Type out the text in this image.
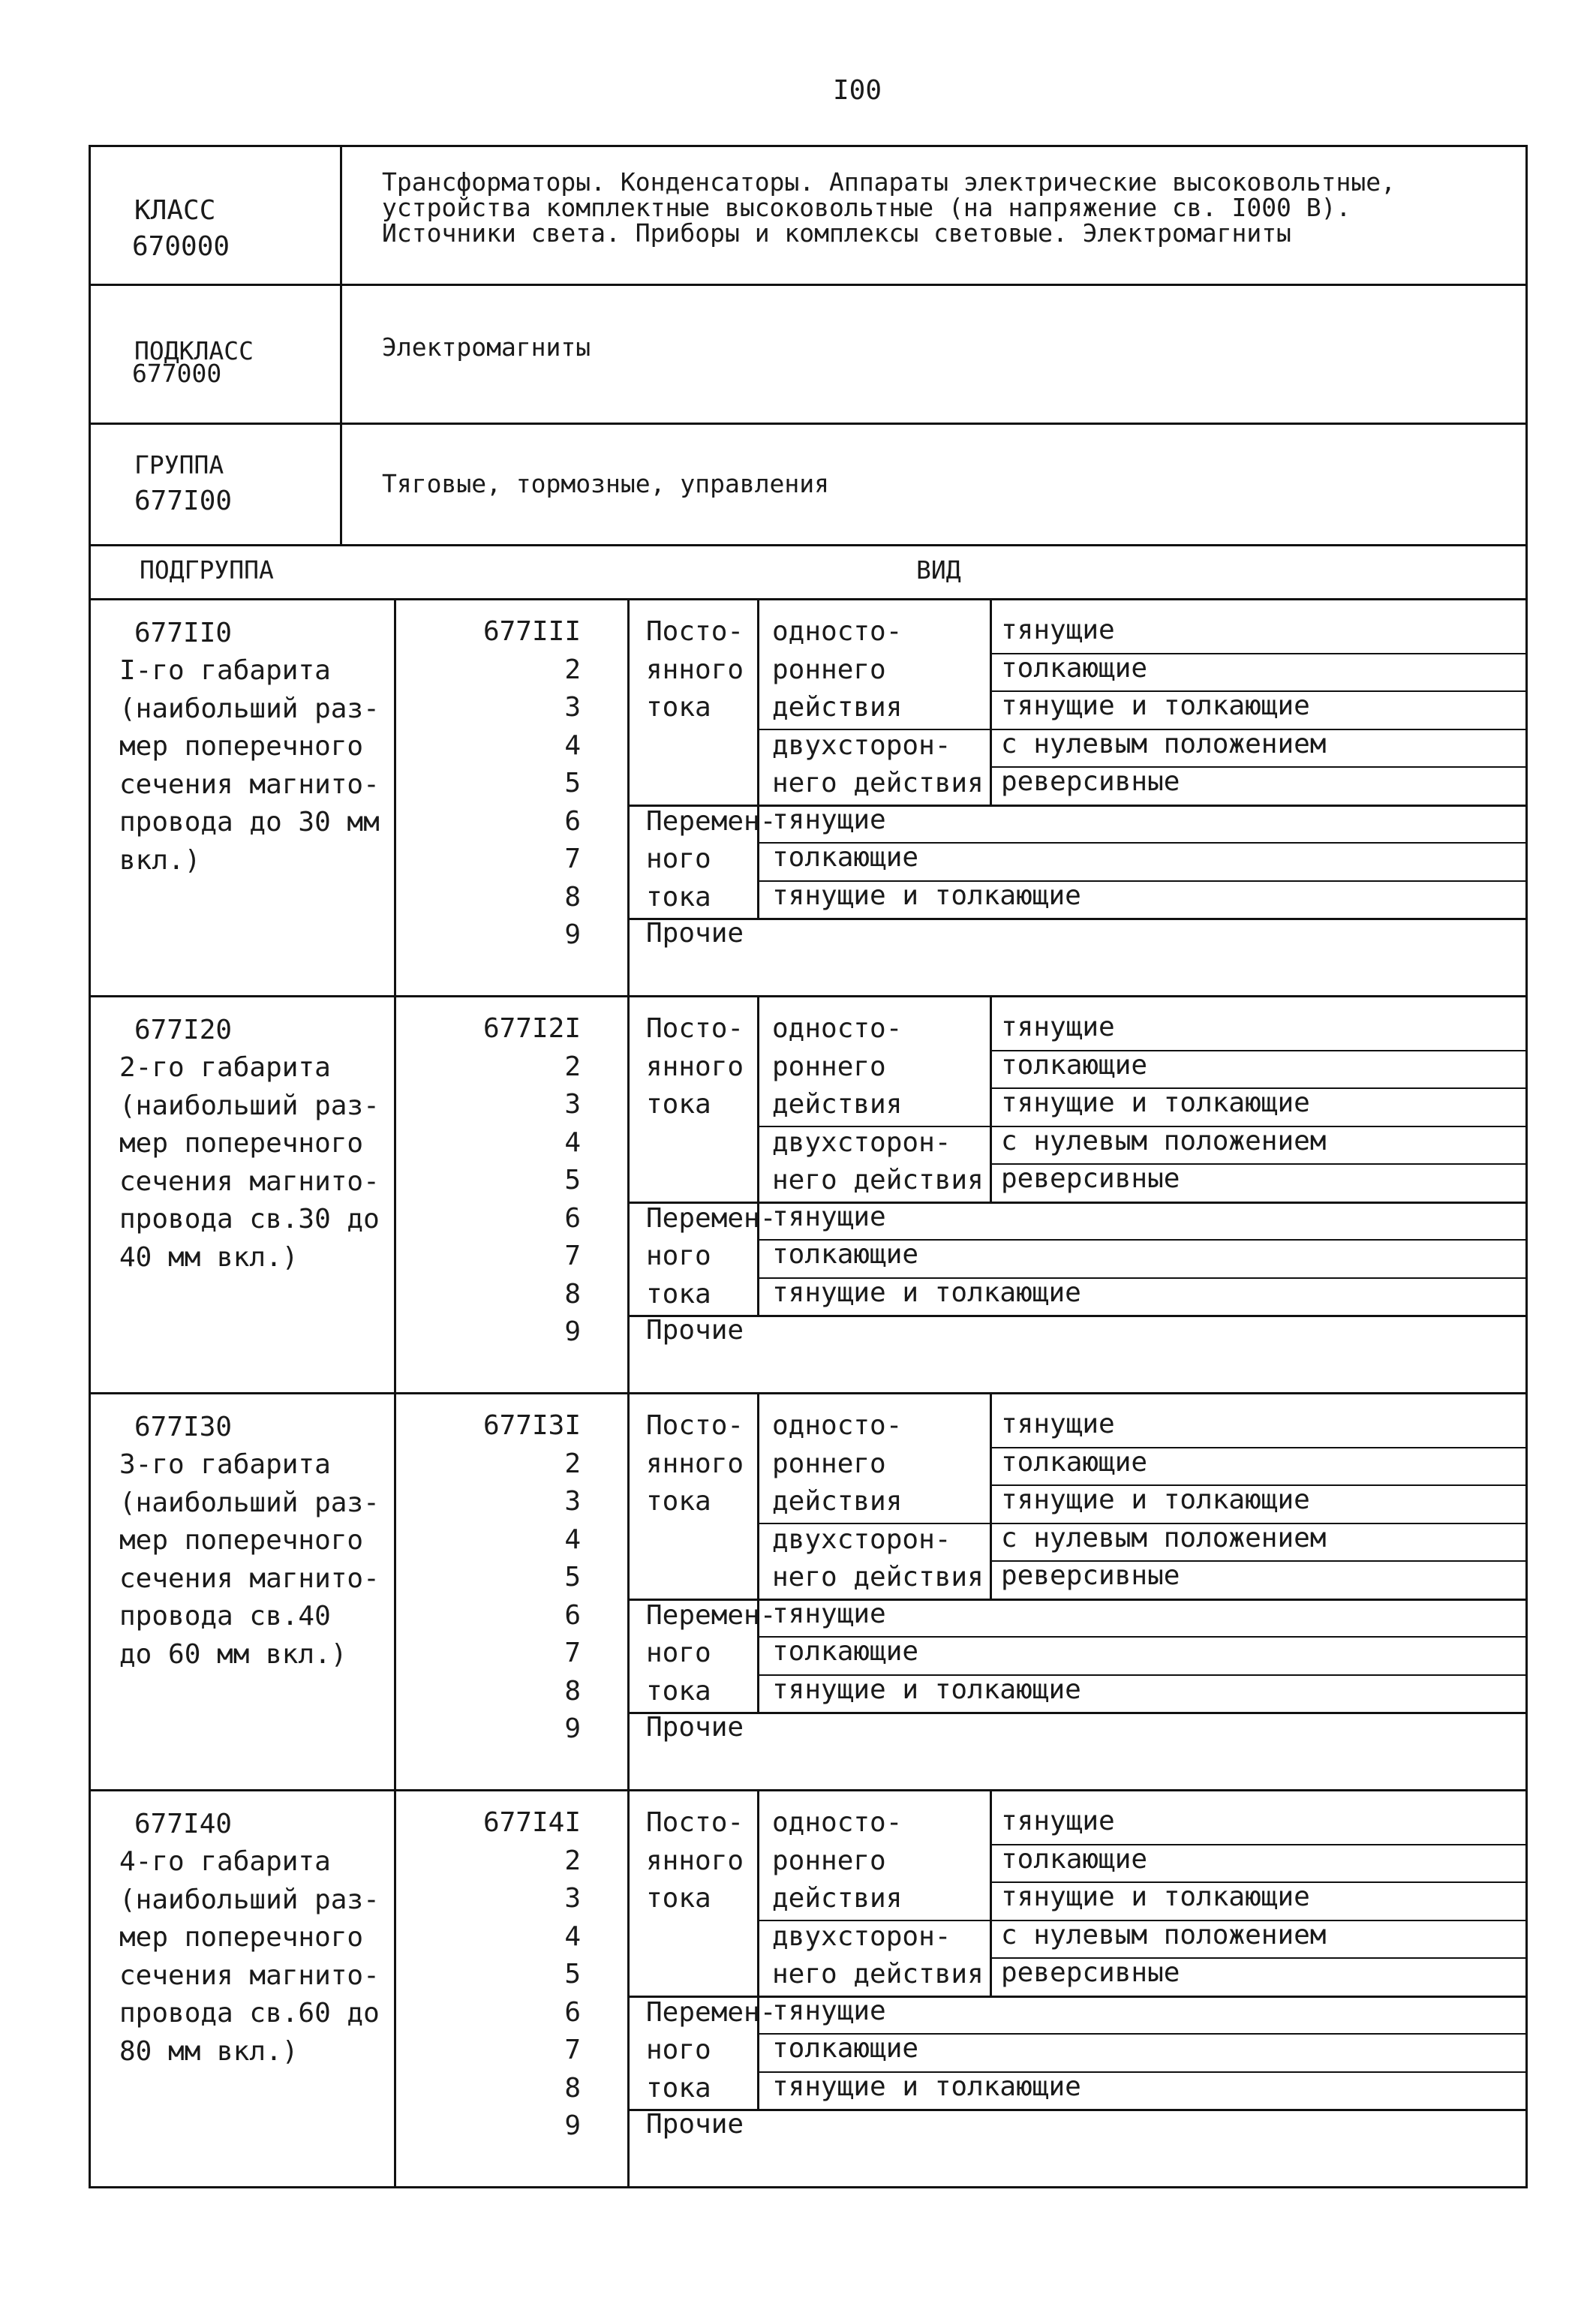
I00
КЛАСС
670000
Трансформаторы. Конденсаторы. Аппараты электрические высоковольтные,
устройства комплектные высоковольтные (на напряжение св. I000 В).
Источники света. Приборы и комплексы световые. Электромагниты
ПОДКЛАСС
677000
Электромагниты
ГРУППА
677I00
Тяговые, тормозные, управления
ПОДГРУППА	ВИД
677II0
I-го габарита
(наибольший раз-
мер поперечного
сечения магнито-
провода до 30 мм
вкл.)
677III
2
3
4
5
6
7
8
9
Посто-
янного
тока
Перемен-
ного
тока
односто-
роннего
действия
двухсторон-
него действия
тянущие
толкающие
тянущие и толкающие
с нулевым положением
реверсивные
тянущие
толкающие
тянущие и толкающие
Прочие
677I20
2-го габарита
(наибольший раз-
мер поперечного
сечения магнито-
провода св.30 до
40 мм вкл.)
677I2I
2
3
4
5
6
7
8
9
Посто-
янного
тока
Перемен-
ного
тока
односто-
роннего
действия
двухсторон-
него действия
тянущие
толкающие
тянущие и толкающие
с нулевым положением
реверсивные
тянущие
толкающие
тянущие и толкающие
Прочие
677I30
3-го габарита
(наибольший раз-
мер поперечного
сечения магнито-
провода св.40
до 60 мм вкл.)
677I3I
2
3
4
5
6
7
8
9
Посто-
янного
тока
Перемен-
ного
тока
односто-
роннего
действия
двухсторон-
него действия
тянущие
толкающие
тянущие и толкающие
с нулевым положением
реверсивные
тянущие
толкающие
тянущие и толкающие
Прочие
677I40
4-го габарита
(наибольший раз-
мер поперечного
сечения магнито-
провода св.60 до
80 мм вкл.)
677I4I
2
3
4
5
6
7
8
9
Посто-
янного
тока
Перемен-
ного
тока
односто-
роннего
действия
двухсторон-
него действия
тянущие
толкающие
тянущие и толкающие
с нулевым положением
реверсивные
тянущие
толкающие
тянущие и толкающие
Прочие
